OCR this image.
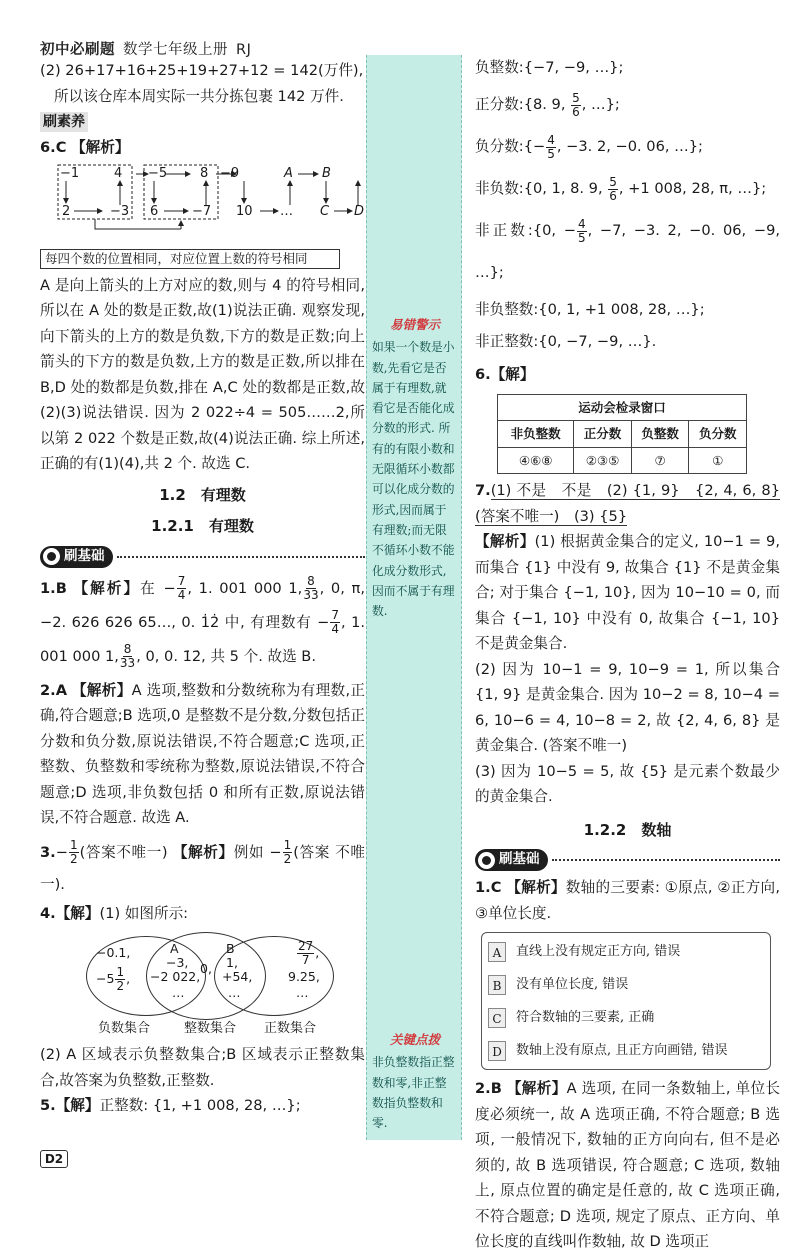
初中必刷题 数学七年级上册 RJ
易错警示
如果一个数是小数,先看它是否属于有理数,就看它是否能化成分数的形式. 所有的有限小数和无限循环小数都可以化成分数的形式,因而属于有理数;而无限不循环小数不能化成分数形式,因而不属于有理数.
关键点拨
非负整数指正整数和零,非正整数指负整数和零.

(2) 26+17+16+25+19+27+12 = 142(万件),

所以该仓库本周实际一共分拣包裹 142 万件.

刷素养

6.C 【解析】

−1	4
2	−3
−5	8
6	−7
−9
10
A B
… C D
每四个数的位置相同，对应位置上数的符号相同

A 是向上箭头的上方对应的数,则与 4 的符号相同,所以在 A 处的数是正数,故(1)说法正确. 观察发现,向下箭头的上方的数是负数,下方的数是正数;向上箭头的下方的数是负数,上方的数是正数,所以排在 B,D 处的数都是负数,排在 A,C 处的数都是正数,故(2)(3)说法错误. 因为 2 022÷4 = 505……2,所以第 2 022 个数是正数,故(4)说法正确. 综上所述,正确的有(1)(4),共 2 个. 故选 C.

1.2　有理数
1.2.1　有理数
刷基础

1.B 【解析】在 − $\frac{7}{4}$ , 1. 001 000 1, $\frac{8}{33}$ , 0, π, −2. 626 626 65…, 0. 1̇2̇ 中, 有理数有 − $\frac{7}{4}$ , 1. 001 000 1, $\frac{8}{33}$ , 0, 0. 1̇2̇, 共 5 个. 故选 B.

2.A 【解析】A 选项,整数和分数统称为有理数,正确,符合题意;B 选项,0 是整数不是分数,分数包括正分数和负分数,原说法错误,不符合题意;C 选项,正整数、负整数和零统称为整数,原说法错误,不符合题意;D 选项,非负数包括 0 和所有正数,原说法错误,不符合题意. 故选 A.

$3.- \frac{1}{2}$ (答案不唯一) 【解析】例如 − $\frac{1}{2}$ (答案 不唯一).

4.【解】(1) 如图所示:

−0.1,
$-5 \frac{1}{2}$ ,
A
−3,
−2 022,
…
0,
B
1,
+54,
…
$\frac{27}{7}$ ,
9.25,
…
负数集合	整数集合 正数集合

(2) A 区域表示负整数集合;B 区域表示正整数集合,故答案为负整数,正整数.

5.【解】正整数: {1, +1 008, 28, …};

负整数:{−7, −9, …};

正分数:{8. 9, $\frac{5}{6}$ , …};

负分数:{− $\frac{4}{5}$ , −3. 2, −0. 06, …};

非负数:{0, 1, 8. 9, $\frac{5}{6}$ , +1 008, 28, π, …};

非正数:{0, − $\frac{4}{5}$ , −7, −3. 2, −0. 06, −9, …};

非负整数:{0, 1, +1 008, 28, …};

非正整数:{0, −7, −9, …}.

6.【解】

运动会检录窗口			
非负整数	正分数	负整数	负分数
④⑥⑧	②③⑤	⑦	①

7.(1) 不是　不是　(2) {1, 9}　{2, 4, 6, 8} (答案不唯一)　(3) {5}

【解析】(1) 根据黄金集合的定义, 10−1 = 9, 而集合 {1} 中没有 9, 故集合 {1} 不是黄金集合; 对于集合 {−1, 10}, 因为 10−10 = 0, 而集合 {−1, 10} 中没有 0, 故集合 {−1, 10} 不是黄金集合.

(2) 因为 10−1 = 9, 10−9 = 1, 所以集合 {1, 9} 是黄金集合. 因为 10−2 = 8, 10−4 = 6, 10−6 = 4, 10−8 = 2, 故 {2, 4, 6, 8} 是黄金集合. (答案不唯一)

(3) 因为 10−5 = 5, 故 {5} 是元素个数最少的黄金集合.

1.2.2　数轴
刷基础

1.C 【解析】数轴的三要素: ①原点, ②正方向, ③单位长度.

A	直线上没有规定正方向, 错误
B	没有单位长度, 错误
C	符合数轴的三要素, 正确
D	数轴上没有原点, 且正方向画错, 错误

2.B 【解析】A 选项, 在同一条数轴上, 单位长度必须统一, 故 A 选项正确, 不符合题意; B 选项, 一般情况下, 数轴的正方向向右, 但不是必须的, 故 B 选项错误, 符合题意; C 选项, 数轴上, 原点位置的确定是任意的, 故 C 选项正确, 不符合题意; D 选项, 规定了原点、正方向、单位长度的直线叫作数轴, 故 D 选项正

D2
